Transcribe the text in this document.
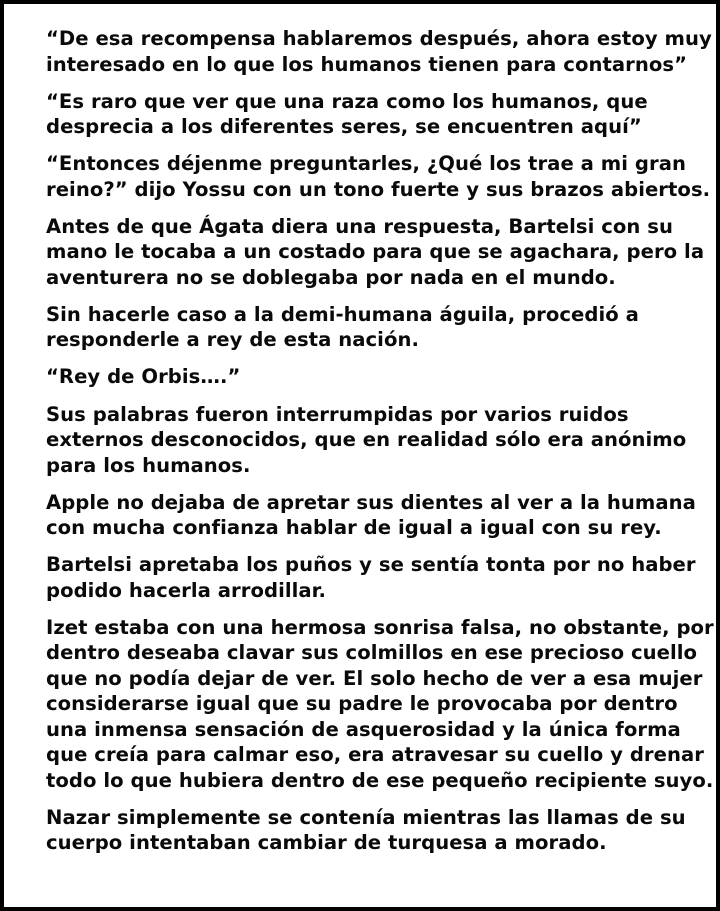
“De esa recompensa hablaremos después, ahora estoy muy interesado en lo que los humanos tienen para contarnos”

“Es raro que ver que una raza como los humanos, que desprecia a los diferentes seres, se encuentren aquí”

“Entonces déjenme preguntarles, ¿Qué los trae a mi gran reino?” dijo Yossu con un tono fuerte y sus brazos abiertos.

Antes de que Ágata diera una respuesta, Bartelsi con su mano le tocaba a un costado para que se agachara, pero la aventurera no se doblegaba por nada en el mundo.

Sin hacerle caso a la demi-humana águila, procedió a responderle a rey de esta nación.

“Rey de Orbis….”

Sus palabras fueron interrumpidas por varios ruidos externos desconocidos, que en realidad sólo era anónimo para los humanos.

Apple no dejaba de apretar sus dientes al ver a la humana con mucha confianza hablar de igual a igual con su rey.

Bartelsi apretaba los puños y se sentía tonta por no haber podido hacerla arrodillar.

Izet estaba con una hermosa sonrisa falsa, no obstante, por dentro deseaba clavar sus colmillos en ese precioso cuello que no podía dejar de ver. El solo hecho de ver a esa mujer considerarse igual que su padre le provocaba por dentro una inmensa sensación de asquerosidad y la única forma que creía para calmar eso, era atravesar su cuello y drenar todo lo que hubiera dentro de ese pequeño recipiente suyo.

Nazar simplemente se contenía mientras las llamas de su cuerpo intentaban cambiar de turquesa a morado.
